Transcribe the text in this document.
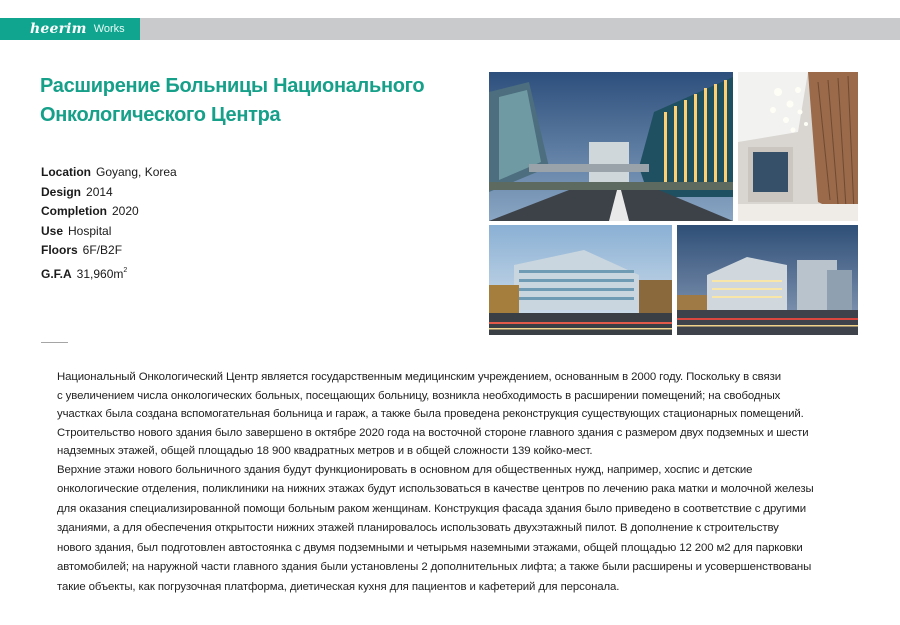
heerim Works
Расширение Больницы Национального
Онкологического Центра
Location Goyang, Korea
Design 2014
Completion 2020
Use Hospital
Floors 6F/B2F
G.F.A $31,960m^2$
Национальный Онкологический Центр является государственным медицинским учреждением, основанным в 2000 году. Поскольку в связи
с увеличением числа онкологических больных, посещающих больницу, возникла необходимость в расширении помещений; на свободных
участках была создана вспомогательная больница и гараж, а также была проведена реконструкция существующих стационарных помещений.
Строительство нового здания было завершено в октябре 2020 года на восточной стороне главного здания с размером двух подземных и шести
надземных этажей, общей площадью 18 900 квадратных метров и в общей сложности 139 койко-мест.
Верхние этажи нового больничного здания будут функционировать в основном для общественных нужд, например, хоспис и детские
онкологические отделения, поликлиники на нижних этажах будут использоваться в качестве центров по лечению рака матки и молочной железы
для оказания специализированной помощи больным раком женщинам. Конструкция фасада здания было приведено в соответствие с другими
зданиями, а для обеспечения открытости нижних этажей планировалось использовать двухэтажный пилот. В дополнение к строительству
нового здания, был подготовлен автостоянка с двумя подземными и четырьмя наземными этажами, общей площадью 12 200 м2 для парковки
автомобилей; на наружной части главного здания были установлены 2 дополнительных лифта; а также были расширены и усовершенствованы
такие объекты, как погрузочная платформа, диетическая кухня для пациентов и кафетерий для персонала.
